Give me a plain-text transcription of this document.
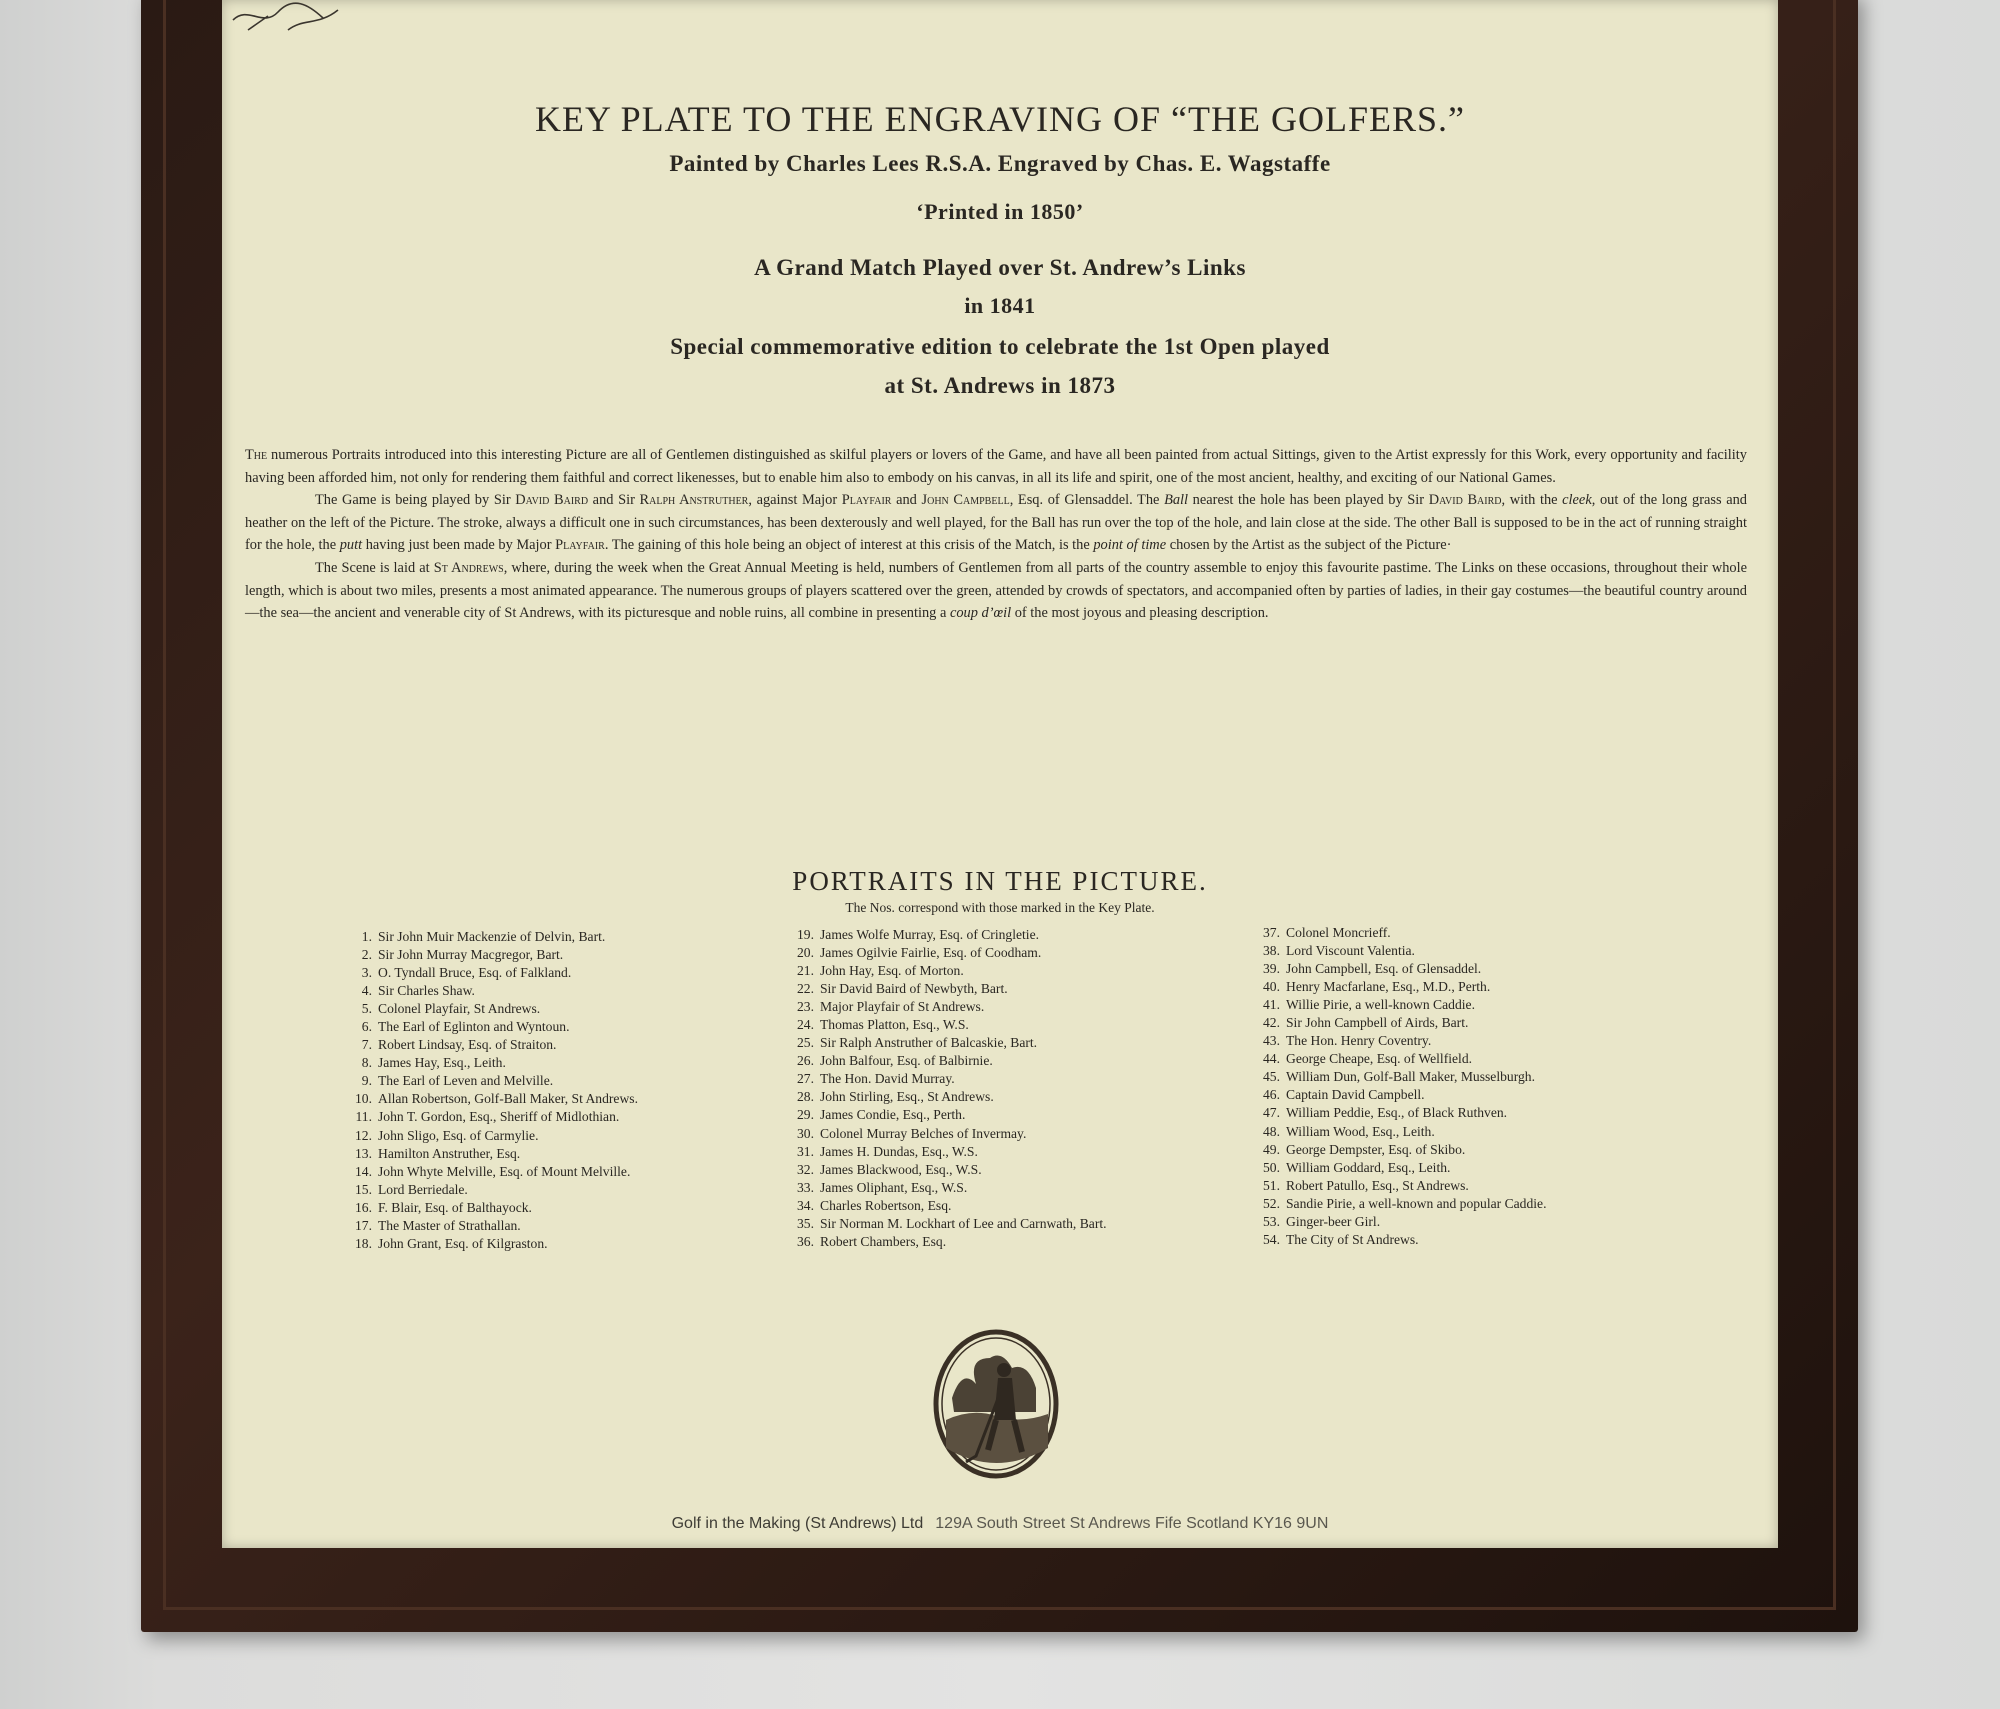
KEY PLATE TO THE ENGRAVING OF “THE GOLFERS.”
Painted by Charles Lees R.S.A. Engraved by Chas. E. Wagstaffe
‘Printed in 1850’
A Grand Match Played over St. Andrew’s Links
in 1841
Special commemorative edition to celebrate the 1st Open played
at St. Andrews in 1873

The numerous Portraits introduced into this interesting Picture are all of Gentlemen distinguished as skilful players or lovers of the Game, and have all been painted from actual Sittings, given to the Artist expressly for this Work, every opportunity and facility having been afforded him, not only for rendering them faithful and correct likenesses, but to enable him also to embody on his canvas, in all its life and spirit, one of the most ancient, healthy, and exciting of our National Games.

The Game is being played by Sir David Baird and Sir Ralph Anstruther, against Major Playfair and John Campbell, Esq. of Glensaddel. The Ball nearest the hole has been played by Sir David Baird, with the cleek, out of the long grass and heather on the left of the Picture. The stroke, always a difficult one in such circumstances, has been dexterously and well played, for the Ball has run over the top of the hole, and lain close at the side. The other Ball is supposed to be in the act of running straight for the hole, the putt having just been made by Major Playfair. The gaining of this hole being an object of interest at this crisis of the Match, is the point of time chosen by the Artist as the subject of the Picture·

The Scene is laid at St Andrews, where, during the week when the Great Annual Meeting is held, numbers of Gentlemen from all parts of the country assemble to enjoy this favourite pastime. The Links on these occasions, throughout their whole length, which is about two miles, presents a most animated appearance. The numerous groups of players scattered over the green, attended by crowds of spectators, and accompanied often by parties of ladies, in their gay costumes—the beautiful country around—the sea—the ancient and venerable city of St Andrews, with its picturesque and noble ruins, all combine in presenting a coup d’œil of the most joyous and pleasing description.

PORTRAITS IN THE PICTURE.
The Nos. correspond with those marked in the Key Plate.
1. Sir John Muir Mackenzie of Delvin, Bart.
2. Sir John Murray Macgregor, Bart.
3. O. Tyndall Bruce, Esq. of Falkland.
4. Sir Charles Shaw.
5. Colonel Playfair, St Andrews.
6. The Earl of Eglinton and Wyntoun.
7. Robert Lindsay, Esq. of Straiton.
8. James Hay, Esq., Leith.
9. The Earl of Leven and Melville.
10. Allan Robertson, Golf-Ball Maker, St Andrews.
11. John T. Gordon, Esq., Sheriff of Midlothian.
12. John Sligo, Esq. of Carmylie.
13. Hamilton Anstruther, Esq.
14. John Whyte Melville, Esq. of Mount Melville.
15. Lord Berriedale.
16. F. Blair, Esq. of Balthayock.
17. The Master of Strathallan.
18. John Grant, Esq. of Kilgraston.
19. James Wolfe Murray, Esq. of Cringletie.
20. James Ogilvie Fairlie, Esq. of Coodham.
21. John Hay, Esq. of Morton.
22. Sir David Baird of Newbyth, Bart.
23. Major Playfair of St Andrews.
24. Thomas Platton, Esq., W.S.
25. Sir Ralph Anstruther of Balcaskie, Bart.
26. John Balfour, Esq. of Balbirnie.
27. The Hon. David Murray.
28. John Stirling, Esq., St Andrews.
29. James Condie, Esq., Perth.
30. Colonel Murray Belches of Invermay.
31. James H. Dundas, Esq., W.S.
32. James Blackwood, Esq., W.S.
33. James Oliphant, Esq., W.S.
34. Charles Robertson, Esq.
35. Sir Norman M. Lockhart of Lee and Carnwath, Bart.
36. Robert Chambers, Esq.
37. Colonel Moncrieff.
38. Lord Viscount Valentia.
39. John Campbell, Esq. of Glensaddel.
40. Henry Macfarlane, Esq., M.D., Perth.
41. Willie Pirie, a well-known Caddie.
42. Sir John Campbell of Airds, Bart.
43. The Hon. Henry Coventry.
44. George Cheape, Esq. of Wellfield.
45. William Dun, Golf-Ball Maker, Musselburgh.
46. Captain David Campbell.
47. William Peddie, Esq., of Black Ruthven.
48. William Wood, Esq., Leith.
49. George Dempster, Esq. of Skibo.
50. William Goddard, Esq., Leith.
51. Robert Patullo, Esq., St Andrews.
52. Sandie Pirie, a well-known and popular Caddie.
53. Ginger-beer Girl.
54. The City of St Andrews.
Golf in the Making (St Andrews) Ltd 129A South Street St Andrews Fife Scotland KY16 9UN
